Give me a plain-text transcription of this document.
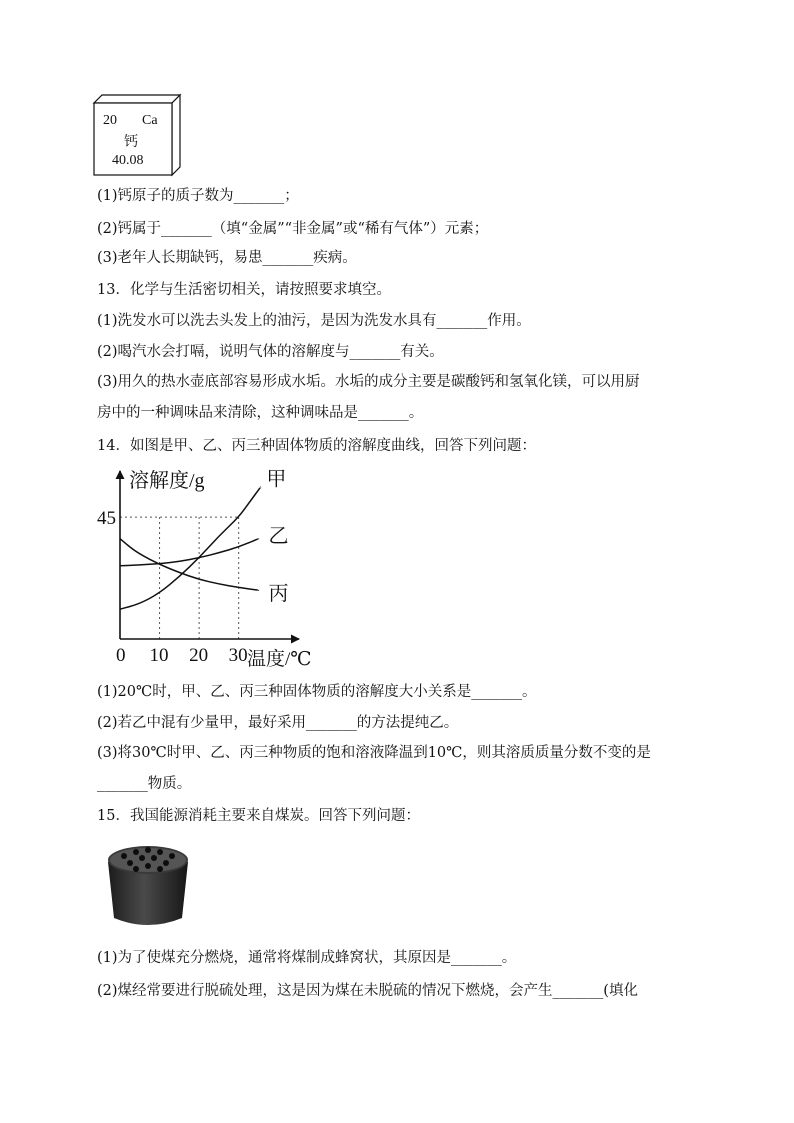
20 Ca
钙
40.08
(1)钙原子的质子数为_______；
(2)钙属于_______（填“金属”“非金属”或“稀有气体”）元素；
(3)老年人长期缺钙，易患_______疾病。
13．化学与生活密切相关，请按照要求填空。
(1)洗发水可以洗去头发上的油污，是因为洗发水具有_______作用。
(2)喝汽水会打嗝，说明气体的溶解度与_______有关。
(3)用久的热水壶底部容易形成水垢。水垢的成分主要是碳酸钙和氢氧化镁，可以用厨
房中的一种调味品来清除，这种调味品是_______。
14．如图是甲、乙、丙三种固体物质的溶解度曲线，回答下列问题：
溶解度/g
温度/℃
0 10 20 30
45
甲
乙
丙
(1)20℃时，甲、乙、丙三种固体物质的溶解度大小关系是_______。
(2)若乙中混有少量甲，最好采用_______的方法提纯乙。
(3)将30℃时甲、乙、丙三种物质的饱和溶液降温到10℃，则其溶质质量分数不变的是
_______物质。
15．我国能源消耗主要来自煤炭。回答下列问题：
(1)为了使煤充分燃烧，通常将煤制成蜂窝状，其原因是_______。
(2)煤经常要进行脱硫处理，这是因为煤在未脱硫的情况下燃烧，会产生_______(填化
